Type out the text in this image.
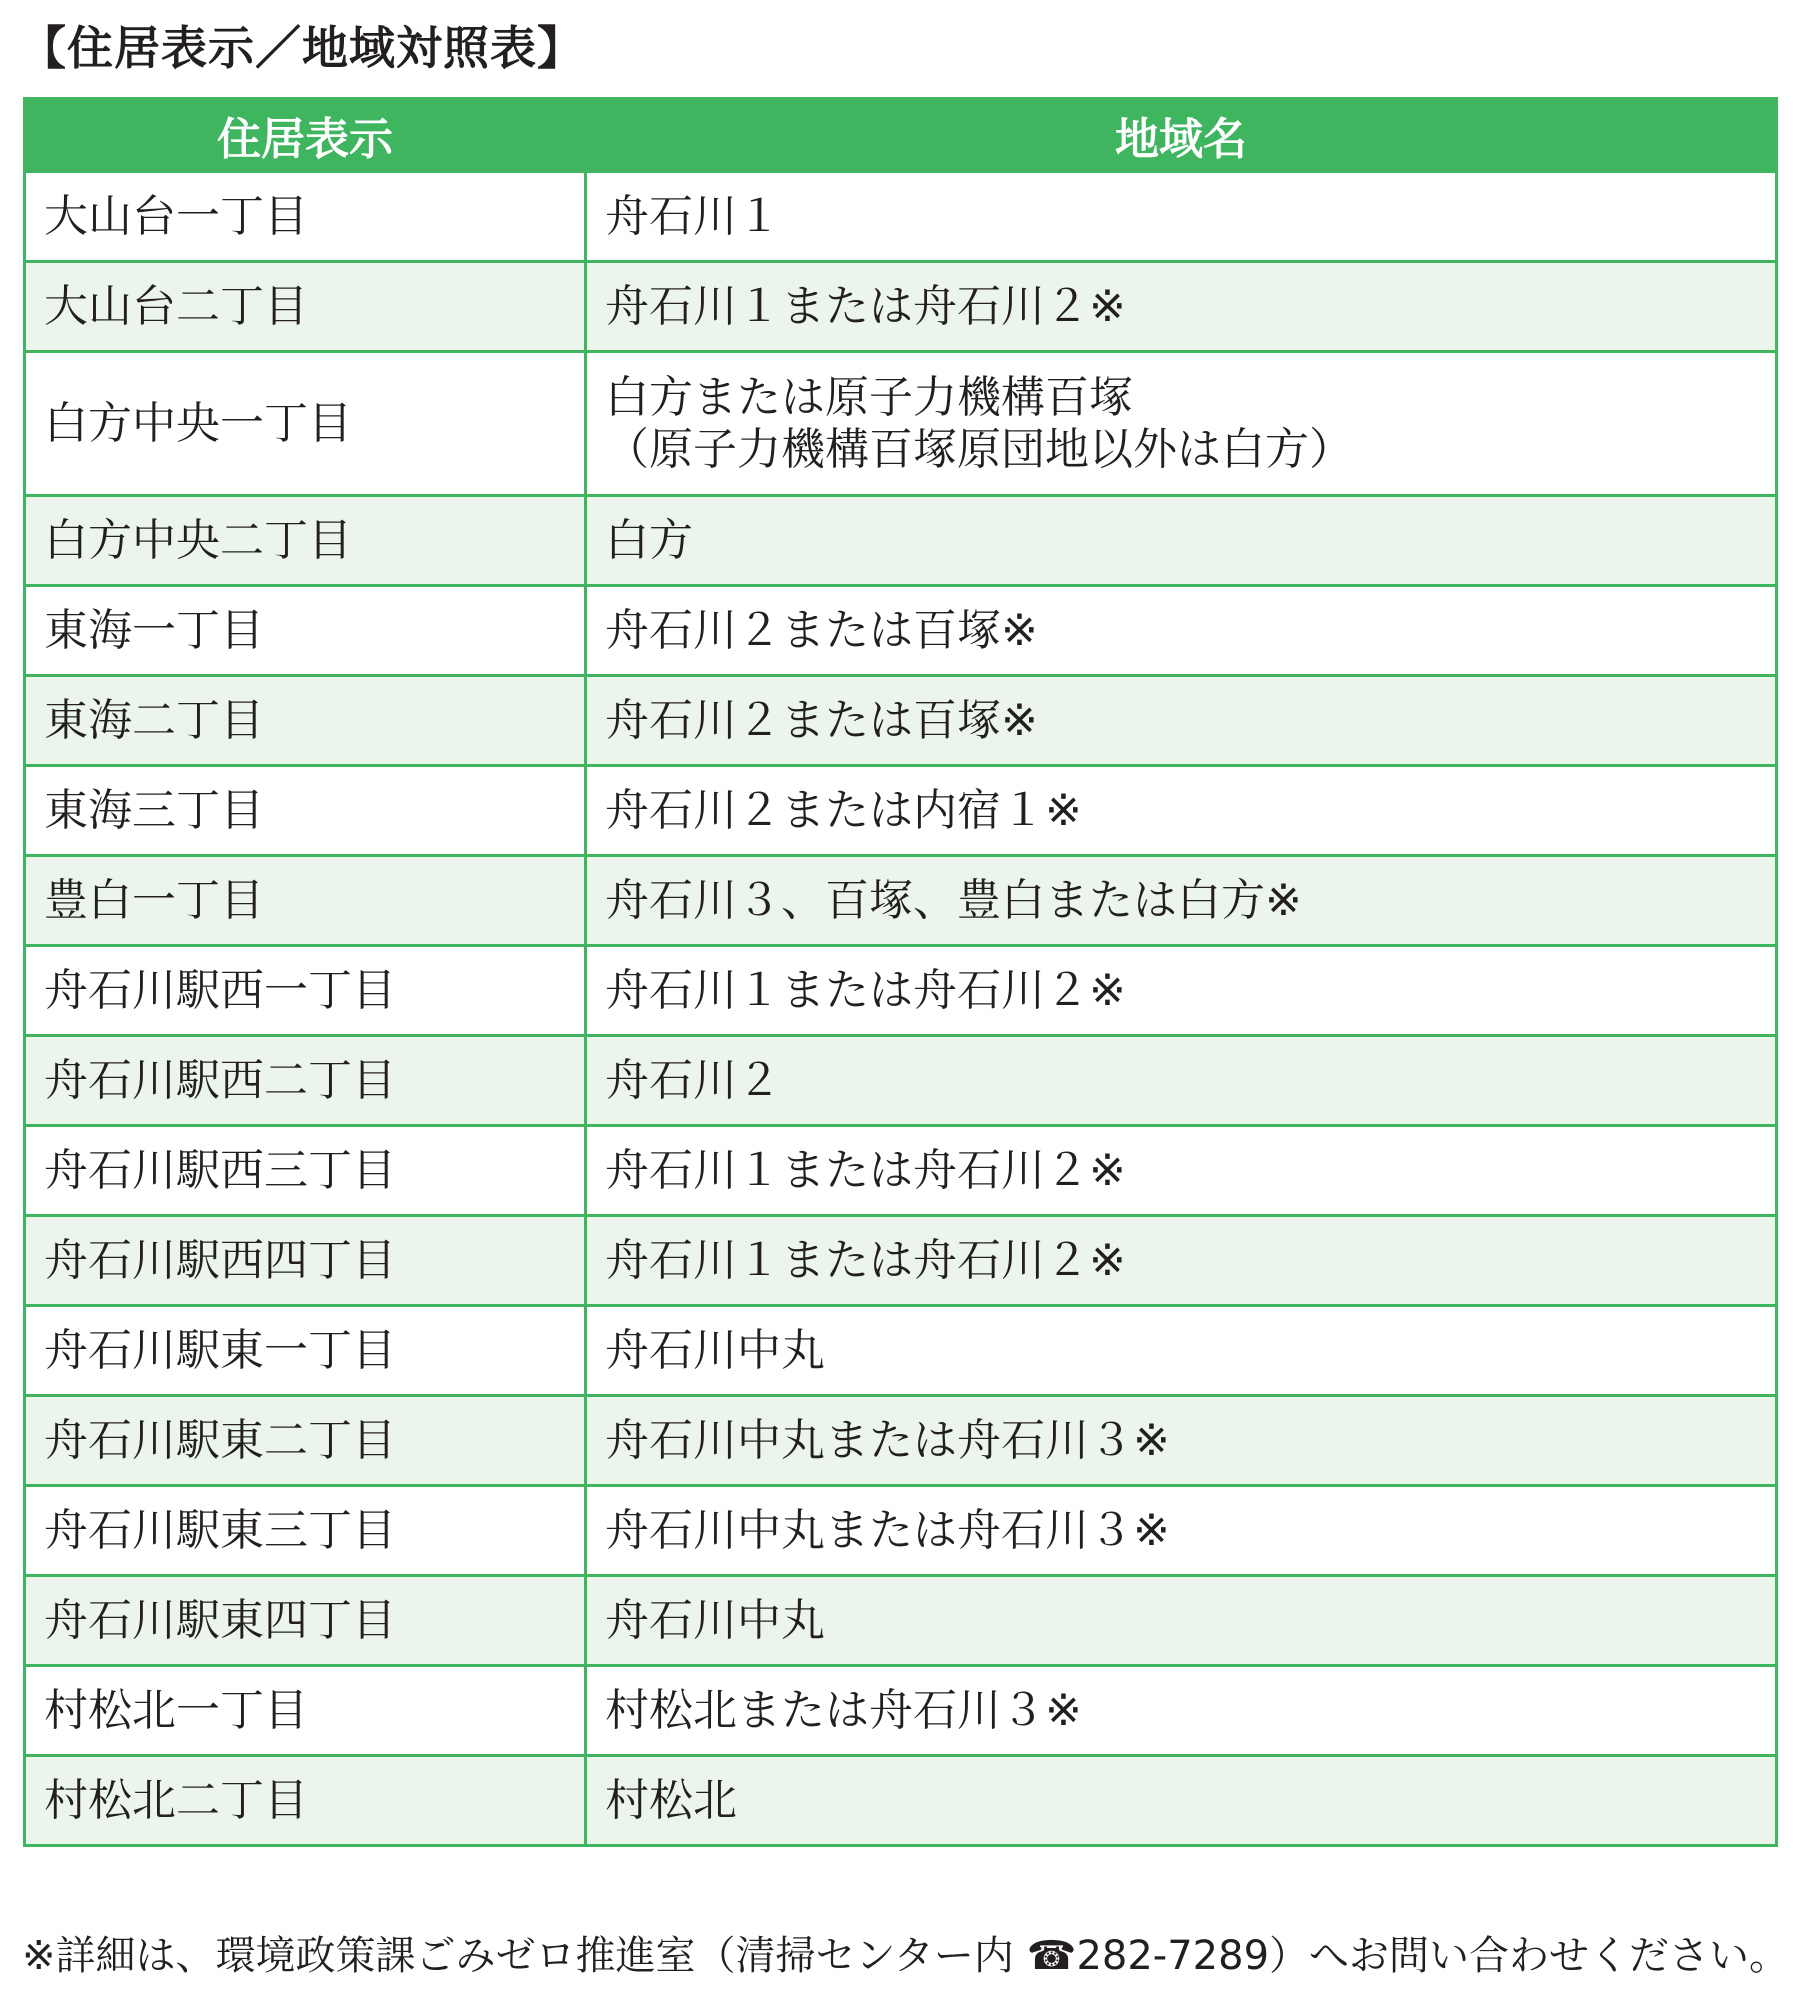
【住居表示／地域対照表】
住居表示	地域名
大山台一丁目	舟石川１
大山台二丁目	舟石川１または舟石川２※
白方中央一丁目	白方または原子力機構百塚
（原子力機構百塚原団地以外は白方）

白方中央二丁目	白方
東海一丁目	舟石川２または百塚※
東海二丁目	舟石川２または百塚※
東海三丁目	舟石川２または内宿１※
豊白一丁目	舟石川３、百塚、豊白または白方※
舟石川駅西一丁目	舟石川１または舟石川２※
舟石川駅西二丁目	舟石川２
舟石川駅西三丁目	舟石川１または舟石川２※
舟石川駅西四丁目	舟石川１または舟石川２※
舟石川駅東一丁目	舟石川中丸
舟石川駅東二丁目	舟石川中丸または舟石川３※
舟石川駅東三丁目	舟石川中丸または舟石川３※
舟石川駅東四丁目	舟石川中丸
村松北一丁目	村松北または舟石川３※
村松北二丁目	村松北
※詳細は、環境政策課ごみゼロ推進室（清掃センター内 ☎282-7289）へお問い合わせください。
